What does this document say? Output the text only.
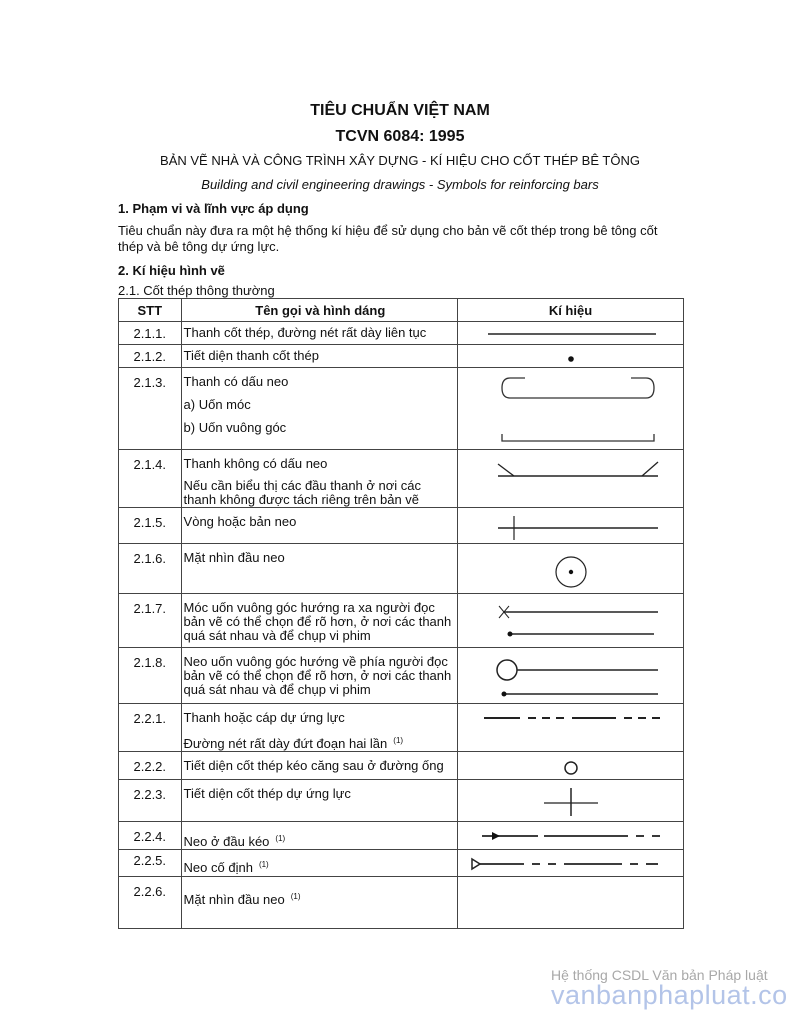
TIÊU CHUẨN VIỆT NAM
TCVN 6084: 1995
BẢN VẼ NHÀ VÀ CÔNG TRÌNH XÂY DỰNG - KÍ HIỆU CHO CỐT THÉP BÊ TÔNG
Building and civil engineering drawings - Symbols for reinforcing bars
1. Phạm vi và lĩnh vực áp dụng
Tiêu chuẩn này đưa ra một hệ thống kí hiệu để sử dụng cho bản vẽ cốt thép trong bê tông cốt thép và bê tông dự ứng lực.
2. Kí hiệu hình vẽ
2.1. Cốt thép thông thường
STT	Tên gọi và hình dáng	Kí hiệu

2.1.1.	Thanh cốt thép, đường nét rất dày liên tục

2.1.2.	Tiết diện thanh cốt thép

2.1.3.	Thanh có dấu neo
a) Uốn móc
b) Uốn vuông góc

2.1.4.	Thanh không có dấu neo
Nếu cần biểu thị các đầu thanh ở nơi các thanh không được tách riêng trên bản vẽ

2.1.5.	Vòng hoặc bản neo

2.1.6.	Mặt nhìn đầu neo

2.1.7.	Móc uốn vuông góc hướng ra xa người đọc bản vẽ có thể chọn để rõ hơn, ở nơi các thanh quá sát nhau và để chụp vi phim

2.1.8.	Neo uốn vuông góc hướng về phía người đọc bản vẽ có thể chọn để rõ hơn, ở nơi các thanh quá sát nhau và để chụp vi phim

2.2.1.	Thanh hoặc cáp dự ứng lực
Đường nét rất dày đứt đoạn hai lần $^{(1)}$

2.2.2.	Tiết diện cốt thép kéo căng sau ở đường ống

2.2.3.	Tiết diện cốt thép dự ứng lực

2.2.4.	Neo ở đầu kéo $^{(1)}$

2.2.5.	Neo cố định $^{(1)}$

2.2.6.	Mặt nhìn đầu neo $^{(1)}$

Hệ thống CSDL Văn bản Pháp luật
vanbanphapluat.co
